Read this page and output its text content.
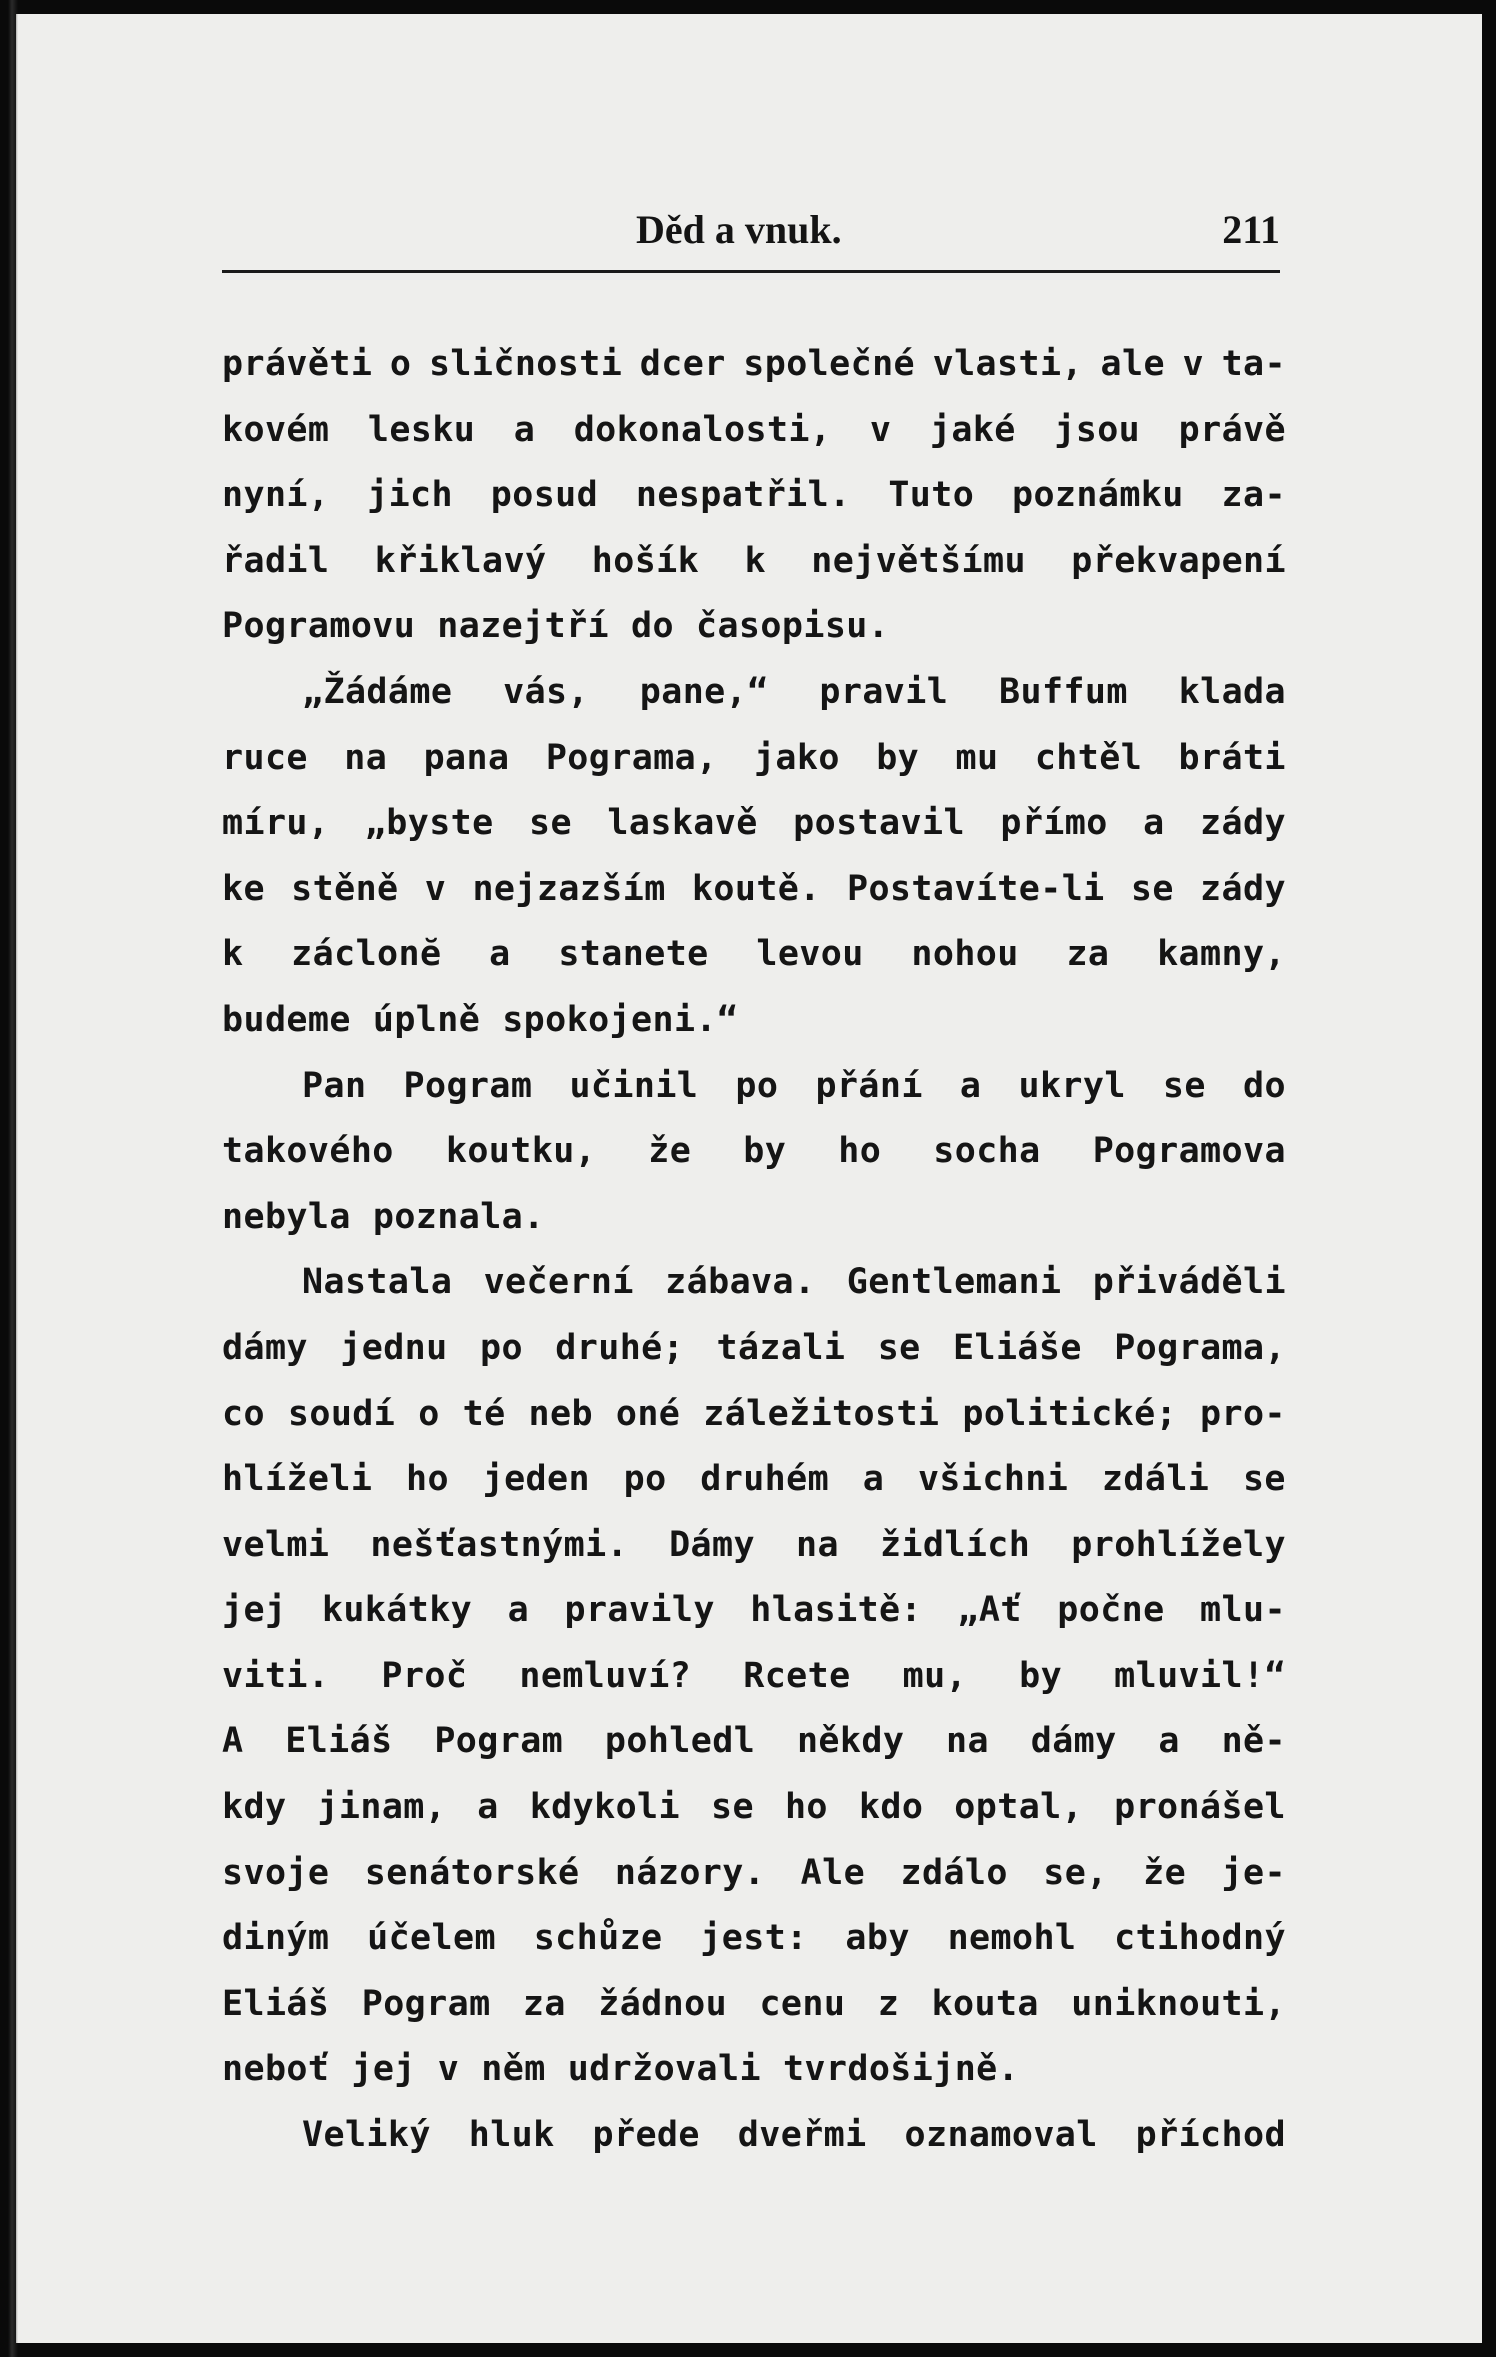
Děd a vnuk.	211
právěti o sličnosti dcer společné vlasti, ale v ta-
kovém lesku a dokonalosti, v jaké jsou právě
nyní, jich posud nespatřil. Tuto poznámku za-
řadil křiklavý hošík k největšímu překvapení
Pogramovu nazejtří do časopisu.
„Žádáme vás, pane,“ pravil Buffum klada
ruce na pana Pograma, jako by mu chtěl bráti
míru, „byste se laskavě postavil přímo a zády
ke stěně v nejzazším koutě. Postavíte-li se zády
k záclonĕ a stanete levou nohou za kamny,
budeme úplně spokojeni.“
Pan Pogram učinil po přání a ukryl se do
takového koutku, že by ho socha Pogramova
nebyla poznala.
Nastala večerní zábava. Gentlemani přiváděli
dámy jednu po druhé; tázali se Eliáše Pograma,
co soudí o té neb oné záležitosti politické; pro-
hlíželi ho jeden po druhém a všichni zdáli se
velmi nešťastnými. Dámy na židlích prohlížely
jej kukátky a pravily hlasitě: „Ať počne mlu-
viti. Proč nemluví? Rcete mu, by mluvil!“
A Eliáš Pogram pohledl někdy na dámy a ně-
kdy jinam, a kdykoli se ho kdo optal, pronášel
svoje senátorské názory. Ale zdálo se, že je-
diným účelem schůze jest: aby nemohl ctihodný
Eliáš Pogram za žádnou cenu z kouta uniknouti,
neboť jej v něm udržovali tvrdošijně.
Veliký hluk přede dveřmi oznamoval příchod
